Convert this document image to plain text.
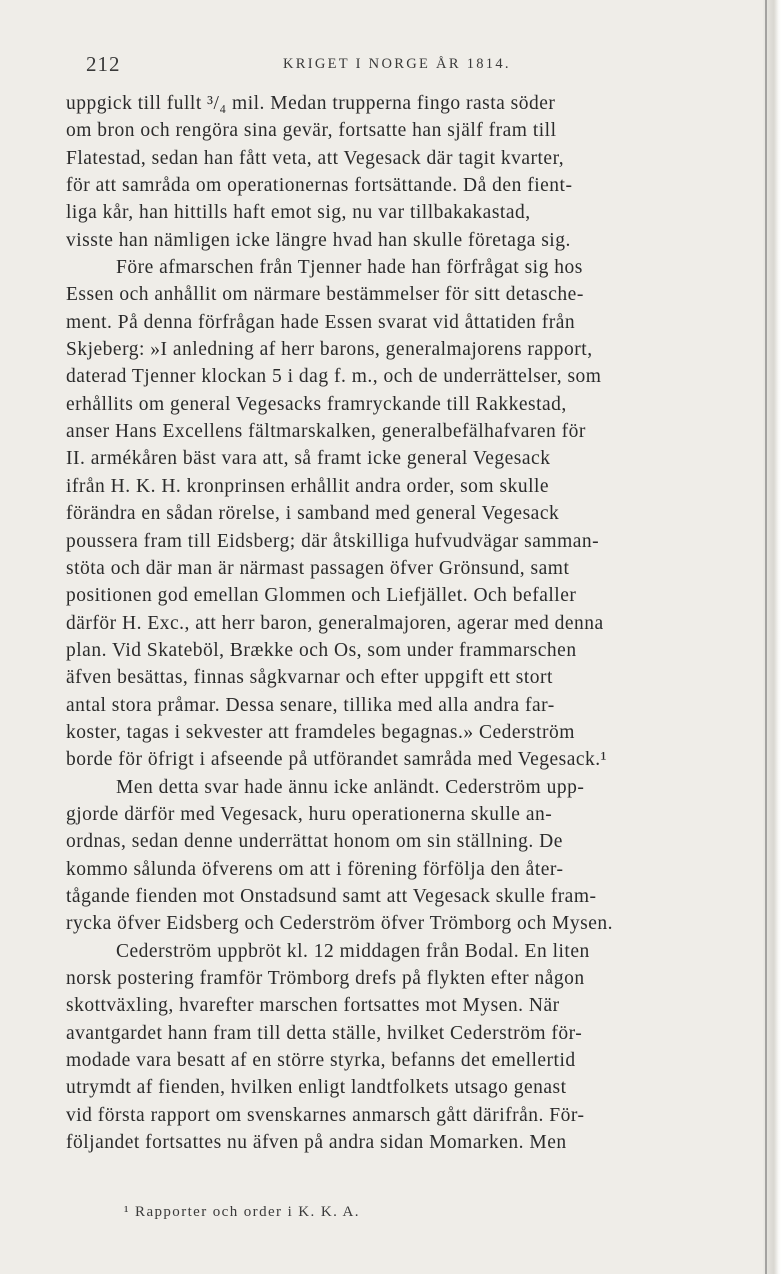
212	KRIGET I NORGE ÅR 1814.
uppgick till fullt ³/₄ mil. Medan trupperna fingo rasta söder
om bron och rengöra sina gevär, fortsatte han själf fram till
Flatestad, sedan han fått veta, att Vegesack där tagit kvarter,
för att samråda om operationernas fortsättande. Då den fient-
liga kår, han hittills haft emot sig, nu var tillbakakastad,
visste han nämligen icke längre hvad han skulle företaga sig.
Före afmarschen från Tjenner hade han förfrågat sig hos
Essen och anhållit om närmare bestämmelser för sitt detasche-
ment. På denna förfrågan hade Essen svarat vid åttatiden från
Skjeberg: »I anledning af herr barons, generalmajorens rapport,
daterad Tjenner klockan 5 i dag f. m., och de underrättelser, som
erhållits om general Vegesacks framryckande till Rakkestad,
anser Hans Excellens fältmarskalken, generalbefälhafvaren för
II. armékåren bäst vara att, så framt icke general Vegesack
ifrån H. K. H. kronprinsen erhållit andra order, som skulle
förändra en sådan rörelse, i samband med general Vegesack
poussera fram till Eidsberg; där åtskilliga hufvudvägar samman-
stöta och där man är närmast passagen öfver Grönsund, samt
positionen god emellan Glommen och Liefjället. Och befaller
därför H. Exc., att herr baron, generalmajoren, agerar med denna
plan. Vid Skateböl, Brække och Os, som under frammarschen
äfven besättas, finnas sågkvarnar och efter uppgift ett stort
antal stora pråmar. Dessa senare, tillika med alla andra far-
koster, tagas i sekvester att framdeles begagnas.» Cederström
borde för öfrigt i afseende på utförandet samråda med Vegesack.¹
Men detta svar hade ännu icke anländt. Cederström upp-
gjorde därför med Vegesack, huru operationerna skulle an-
ordnas, sedan denne underrättat honom om sin ställning. De
kommo sålunda öfverens om att i förening förfölja den åter-
tågande fienden mot Onstadsund samt att Vegesack skulle fram-
rycka öfver Eidsberg och Cederström öfver Trömborg och Mysen.
Cederström uppbröt kl. 12 middagen från Bodal. En liten
norsk postering framför Trömborg drefs på flykten efter någon
skottväxling, hvarefter marschen fortsattes mot Mysen. När
avantgardet hann fram till detta ställe, hvilket Cederström för-
modade vara besatt af en större styrka, befanns det emellertid
utrymdt af fienden, hvilken enligt landtfolkets utsago genast
vid första rapport om svenskarnes anmarsch gått därifrån. För-
följandet fortsattes nu äfven på andra sidan Momarken. Men
¹ Rapporter och order i K. K. A.
